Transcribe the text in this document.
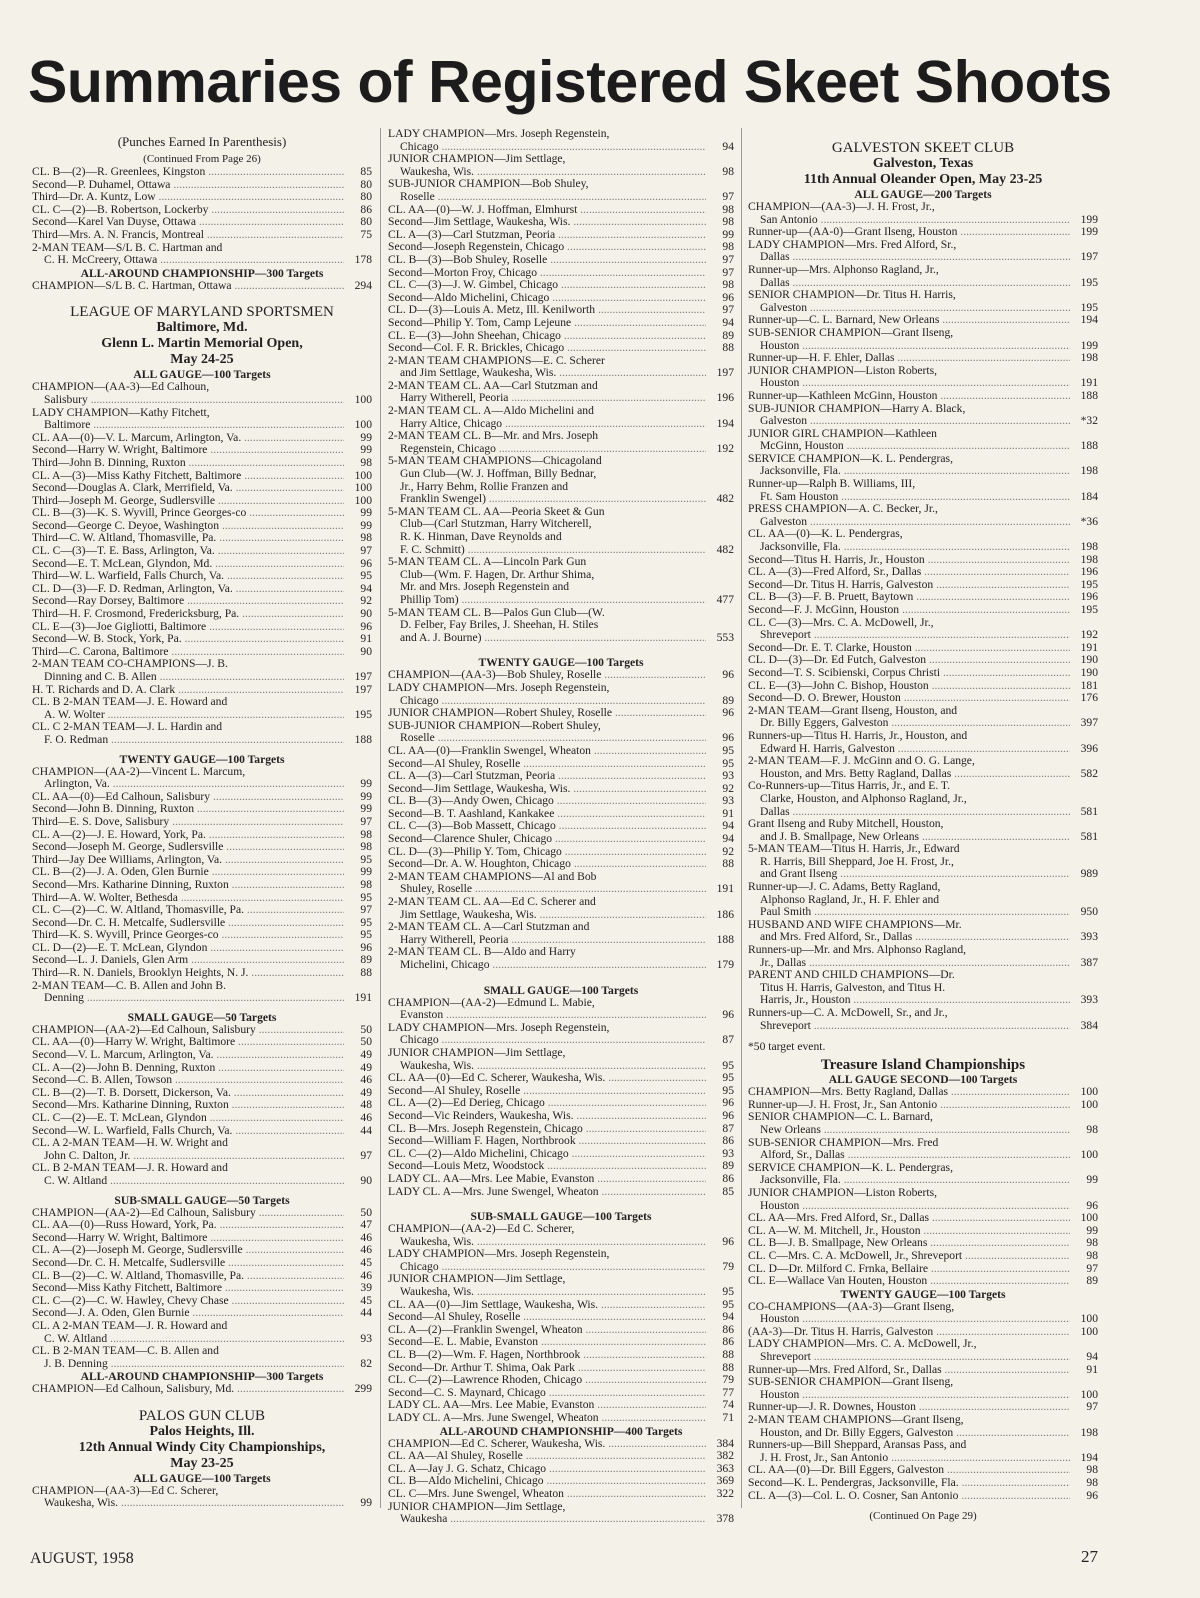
Summaries of Registered Skeet Shoots
(Punches Earned In Parenthesis)
(Continued From Page 26)
CL. B—(2)—R. Greenlees, Kingston .....	85
Second—P. Duhamel, Ottawa .....	80
Third—Dr. A. Kuntz, Low .....	80
CL. C—(2)—B. Robertson, Lockerby .....	86
Second—Karel Van Duyse, Ottawa .....	80
Third—Mrs. A. N. Francis, Montreal .....	75
2-MAN TEAM—S/L B. C. Hartman and
C. H. McCreery, Ottawa .....	178
ALL-AROUND CHAMPIONSHIP—300 Targets
CHAMPION—S/L B. C. Hartman, Ottawa .....	294
LEAGUE OF MARYLAND SPORTSMEN
Baltimore, Md.
Glenn L. Martin Memorial Open,
May 24-25
ALL GAUGE—100 Targets
CHAMPION—(AA-3)—Ed Calhoun,
Salisbury .....	100
LADY CHAMPION—Kathy Fitchett,
Baltimore .....	100
CL. AA—(0)—V. L. Marcum, Arlington, Va. .....	99
Second—Harry W. Wright, Baltimore .....	99
Third—John B. Dinning, Ruxton .....	98
CL. A—(3)—Miss Kathy Fitchett, Baltimore .....	100
Second—Douglas A. Clark, Merrifield, Va. .....	100
Third—Joseph M. George, Sudlersville .....	100
CL. B—(3)—K. S. Wyvill, Prince Georges-co .....	99
Second—George C. Deyoe, Washington .....	99
Third—C. W. Altland, Thomasville, Pa. .....	98
CL. C—(3)—T. E. Bass, Arlington, Va. .....	97
Second—E. T. McLean, Glyndon, Md. .....	96
Third—W. L. Warfield, Falls Church, Va. .....	95
CL. D—(3)—F. D. Redman, Arlington, Va. .....	94
Second—Ray Dorsey, Baltimore .....	92
Third—H. F. Crosmond, Fredericksburg, Pa. .....	90
CL. E—(3)—Joe Gigliotti, Baltimore .....	96
Second—W. B. Stock, York, Pa. .....	91
Third—C. Carona, Baltimore .....	90
2-MAN TEAM CO-CHAMPIONS—J. B.
Dinning and C. B. Allen .....	197
H. T. Richards and D. A. Clark .....	197
CL. B 2-MAN TEAM—J. E. Howard and
A. W. Wolter .....	195
CL. C 2-MAN TEAM—J. L. Hardin and
F. O. Redman .....	188
TWENTY GAUGE—100 Targets
CHAMPION—(AA-2)—Vincent L. Marcum,
Arlington, Va. .....	99
CL. AA—(0)—Ed Calhoun, Salisbury .....	99
Second—John B. Dinning, Ruxton .....	99
Third—E. S. Dove, Salisbury .....	97
CL. A—(2)—J. E. Howard, York, Pa. .....	98
Second—Joseph M. George, Sudlersville .....	98
Third—Jay Dee Williams, Arlington, Va. .....	95
CL. B—(2)—J. A. Oden, Glen Burnie .....	99
Second—Mrs. Katharine Dinning, Ruxton .....	98
Third—A. W. Wolter, Bethesda .....	95
CL. C—(2)—C. W. Altland, Thomasville, Pa. .....	97
Second—Dr. C. H. Metcalfe, Sudlersville .....	95
Third—K. S. Wyvill, Prince Georges-co .....	95
CL. D—(2)—E. T. McLean, Glyndon .....	96
Second—L. J. Daniels, Glen Arm .....	89
Third—R. N. Daniels, Brooklyn Heights, N. J. .....	88
2-MAN TEAM—C. B. Allen and John B.
Denning .....	191
SMALL GAUGE—50 Targets
CHAMPION—(AA-2)—Ed Calhoun, Salisbury .....	50
CL. AA—(0)—Harry W. Wright, Baltimore .....	50
Second—V. L. Marcum, Arlington, Va. .....	49
CL. A—(2)—John B. Denning, Ruxton .....	49
Second—C. B. Allen, Towson .....	46
CL. B—(2)—T. B. Dorsett, Dickerson, Va. .....	49
Second—Mrs. Katharine Dinning, Ruxton .....	48
CL. C—(2)—E. T. McLean, Glyndon .....	46
Second—W. L. Warfield, Falls Church, Va. .....	44
CL. A 2-MAN TEAM—H. W. Wright and
John C. Dalton, Jr. .....	97
CL. B 2-MAN TEAM—J. R. Howard and
C. W. Altland .....	90
SUB-SMALL GAUGE—50 Targets
CHAMPION—(AA-2)—Ed Calhoun, Salisbury .....	50
CL. AA—(0)—Russ Howard, York, Pa. .....	47
Second—Harry W. Wright, Baltimore .....	46
CL. A—(2)—Joseph M. George, Sudlersville .....	46
Second—Dr. C. H. Metcalfe, Sudlersville .....	45
CL. B—(2)—C. W. Altland, Thomasville, Pa. .....	46
Second—Miss Kathy Fitchett, Baltimore .....	39
CL. C—(2)—C. W. Hawley, Chevy Chase .....	45
Second—J. A. Oden, Glen Burnie .....	44
CL. A 2-MAN TEAM—J. R. Howard and
C. W. Altland .....	93
CL. B 2-MAN TEAM—C. B. Allen and
J. B. Denning .....	82
ALL-AROUND CHAMPIONSHIP—300 Targets
CHAMPION—Ed Calhoun, Salisbury, Md. .....	299
PALOS GUN CLUB
Palos Heights, Ill.
12th Annual Windy City Championships,
May 23-25
ALL GAUGE—100 Targets
CHAMPION—(AA-3)—Ed C. Scherer,
Waukesha, Wis. .....	99
LADY CHAMPION—Mrs. Joseph Regenstein,
Chicago .....	94
JUNIOR CHAMPION—Jim Settlage,
Waukesha, Wis. .....	98
SUB-JUNIOR CHAMPION—Bob Shuley,
Roselle .....	97
CL. AA—(0)—W. J. Hoffman, Elmhurst .....	98
Second—Jim Settlage, Waukesha, Wis. .....	98
CL. A—(3)—Carl Stutzman, Peoria .....	99
Second—Joseph Regenstein, Chicago .....	98
CL. B—(3)—Bob Shuley, Roselle .....	97
Second—Morton Froy, Chicago .....	97
CL. C—(3)—J. W. Gimbel, Chicago .....	98
Second—Aldo Michelini, Chicago .....	96
CL. D—(3)—Louis A. Metz, Ill. Kenilworth .....	97
Second—Philip Y. Tom, Camp Lejeune .....	94
CL. E—(3)—John Sheehan, Chicago .....	89
Second—Col. F. R. Brickles, Chicago .....	88
2-MAN TEAM CHAMPIONS—E. C. Scherer
and Jim Settlage, Waukesha, Wis. .....	197
2-MAN TEAM CL. AA—Carl Stutzman and
Harry Witherell, Peoria .....	196
2-MAN TEAM CL. A—Aldo Michelini and
Harry Altice, Chicago .....	194
2-MAN TEAM CL. B—Mr. and Mrs. Joseph
Regenstein, Chicago .....	192
5-MAN TEAM CHAMPIONS—Chicagoland
Gun Club—(W. J. Hoffman, Billy Bednar,
Jr., Harry Behm, Rollie Franzen and
Franklin Swengel) .....	482
5-MAN TEAM CL. AA—Peoria Skeet & Gun
Club—(Carl Stutzman, Harry Witcherell,
R. K. Hinman, Dave Reynolds and
F. C. Schmitt) .....	482
5-MAN TEAM CL. A—Lincoln Park Gun
Club—(Wm. F. Hagen, Dr. Arthur Shima,
Mr. and Mrs. Joseph Regenstein and
Phillip Tom) .....	477
5-MAN TEAM CL. B—Palos Gun Club—(W.
D. Felber, Fay Briles, J. Sheehan, H. Stiles
and A. J. Bourne) .....	553
TWENTY GAUGE—100 Targets
CHAMPION—(AA-3)—Bob Shuley, Roselle .....	96
LADY CHAMPION—Mrs. Joseph Regenstein,
Chicago .....	89
JUNIOR CHAMPION—Robert Shuley, Roselle .....	96
SUB-JUNIOR CHAMPION—Robert Shuley,
Roselle .....	96
CL. AA—(0)—Franklin Swengel, Wheaton .....	95
Second—Al Shuley, Roselle .....	95
CL. A—(3)—Carl Stutzman, Peoria .....	93
Second—Jim Settlage, Waukesha, Wis. .....	92
CL. B—(3)—Andy Owen, Chicago .....	93
Second—B. T. Aashland, Kankakee .....	91
CL. C—(3)—Bob Massett, Chicago .....	94
Second—Clarence Shuler, Chicago .....	94
CL. D—(3)—Philip Y. Tom, Chicago .....	92
Second—Dr. A. W. Houghton, Chicago .....	88
2-MAN TEAM CHAMPIONS—Al and Bob
Shuley, Roselle .....	191
2-MAN TEAM CL. AA—Ed C. Scherer and
Jim Settlage, Waukesha, Wis. .....	186
2-MAN TEAM CL. A—Carl Stutzman and
Harry Witherell, Peoria .....	188
2-MAN TEAM CL. B—Aldo and Harry
Michelini, Chicago .....	179
SMALL GAUGE—100 Targets
CHAMPION—(AA-2)—Edmund L. Mabie,
Evanston .....	96
LADY CHAMPION—Mrs. Joseph Regenstein,
Chicago .....	87
JUNIOR CHAMPION—Jim Settlage,
Waukesha, Wis. .....	95
CL. AA—(0)—Ed C. Scherer, Waukesha, Wis. .....	95
Second—Al Shuley, Roselle .....	95
CL. A—(2)—Ed Derieg, Chicago .....	96
Second—Vic Reinders, Waukesha, Wis. .....	96
CL. B—Mrs. Joseph Regenstein, Chicago .....	87
Second—William F. Hagen, Northbrook .....	86
CL. C—(2)—Aldo Michelini, Chicago .....	93
Second—Louis Metz, Woodstock .....	89
LADY CL. AA—Mrs. Lee Mabie, Evanston .....	86
LADY CL. A—Mrs. June Swengel, Wheaton .....	85
SUB-SMALL GAUGE—100 Targets
CHAMPION—(AA-2)—Ed C. Scherer,
Waukesha, Wis. .....	96
LADY CHAMPION—Mrs. Joseph Regenstein,
Chicago .....	79
JUNIOR CHAMPION—Jim Settlage,
Waukesha, Wis. .....	95
CL. AA—(0)—Jim Settlage, Waukesha, Wis. .....	95
Second—Al Shuley, Roselle .....	94
CL. A—(2)—Franklin Swengel, Wheaton .....	86
Second—E. L. Mabie, Evanston .....	86
CL. B—(2)—Wm. F. Hagen, Northbrook .....	88
Second—Dr. Arthur T. Shima, Oak Park .....	88
CL. C—(2)—Lawrence Rhoden, Chicago .....	79
Second—C. S. Maynard, Chicago .....	77
LADY CL. AA—Mrs. Lee Mabie, Evanston .....	74
LADY CL. A—Mrs. June Swengel, Wheaton .....	71
ALL-AROUND CHAMPIONSHIP—400 Targets
CHAMPION—Ed C. Scherer, Waukesha, Wis. .....	384
CL. AA—Al Shuley, Roselle .....	382
CL. A—Jay J. G. Schatz, Chicago .....	363
CL. B—Aldo Michelini, Chicago .....	369
CL. C—Mrs. June Swengel, Wheaton .....	322
JUNIOR CHAMPION—Jim Settlage,
Waukesha .....	378
GALVESTON SKEET CLUB
Galveston, Texas
11th Annual Oleander Open, May 23-25
ALL GAUGE—200 Targets
CHAMPION—(AA-3)—J. H. Frost, Jr.,
San Antonio .....	199
Runner-up—(AA-0)—Grant Ilseng, Houston .....	199
LADY CHAMPION—Mrs. Fred Alford, Sr.,
Dallas .....	197
Runner-up—Mrs. Alphonso Ragland, Jr.,
Dallas .....	195
SENIOR CHAMPION—Dr. Titus H. Harris,
Galveston .....	195
Runner-up—C. L. Barnard, New Orleans .....	194
SUB-SENIOR CHAMPION—Grant Ilseng,
Houston .....	199
Runner-up—H. F. Ehler, Dallas .....	198
JUNIOR CHAMPION—Liston Roberts,
Houston .....	191
Runner-up—Kathleen McGinn, Houston .....	188
SUB-JUNIOR CHAMPION—Harry A. Black,
Galveston .....	*32
JUNIOR GIRL CHAMPION—Kathleen
McGinn, Houston .....	188
SERVICE CHAMPION—K. L. Pendergras,
Jacksonville, Fla. .....	198
Runner-up—Ralph B. Williams, III,
Ft. Sam Houston .....	184
PRESS CHAMPION—A. C. Becker, Jr.,
Galveston .....	*36
CL. AA—(0)—K. L. Pendergras,
Jacksonville, Fla. .....	198
Second—Titus H. Harris, Jr., Houston .....	198
CL. A—(3)—Fred Alford, Sr., Dallas .....	196
Second—Dr. Titus H. Harris, Galveston .....	195
CL. B—(3)—F. B. Pruett, Baytown .....	196
Second—F. J. McGinn, Houston .....	195
CL. C—(3)—Mrs. C. A. McDowell, Jr.,
Shreveport .....	192
Second—Dr. E. T. Clarke, Houston .....	191
CL. D—(3)—Dr. Ed Futch, Galveston .....	190
Second—T. S. Scibienski, Corpus Christi .....	190
CL. E—(3)—John C. Bishop, Houston .....	181
Second—D. O. Brewer, Houston .....	176
2-MAN TEAM—Grant Ilseng, Houston, and
Dr. Billy Eggers, Galveston .....	397
Runners-up—Titus H. Harris, Jr., Houston, and
Edward H. Harris, Galveston .....	396
2-MAN TEAM—F. J. McGinn and O. G. Lange,
Houston, and Mrs. Betty Ragland, Dallas .....	582
Co-Runners-up—Titus Harris, Jr., and E. T.
Clarke, Houston, and Alphonso Ragland, Jr.,
Dallas .....	581
Grant Ilseng and Ruby Mitchell, Houston,
and J. B. Smallpage, New Orleans .....	581
5-MAN TEAM—Titus H. Harris, Jr., Edward
R. Harris, Bill Sheppard, Joe H. Frost, Jr.,
and Grant Ilseng .....	989
Runner-up—J. C. Adams, Betty Ragland,
Alphonso Ragland, Jr., H. F. Ehler and
Paul Smith .....	950
HUSBAND AND WIFE CHAMPIONS—Mr.
and Mrs. Fred Alford, Sr., Dallas .....	393
Runners-up—Mr. and Mrs. Alphonso Ragland,
Jr., Dallas .....	387
PARENT AND CHILD CHAMPIONS—Dr.
Titus H. Harris, Galveston, and Titus H.
Harris, Jr., Houston .....	393
Runners-up—C. A. McDowell, Sr., and Jr.,
Shreveport .....	384
*50 target event.
Treasure Island Championships
ALL GAUGE SECOND—100 Targets
CHAMPION—Mrs. Betty Ragland, Dallas .....	100
Runner-up—J. H. Frost, Jr., San Antonio .....	100
SENIOR CHAMPION—C. L. Barnard,
New Orleans .....	98
SUB-SENIOR CHAMPION—Mrs. Fred
Alford, Sr., Dallas .....	100
SERVICE CHAMPION—K. L. Pendergras,
Jacksonville, Fla. .....	99
JUNIOR CHAMPION—Liston Roberts,
Houston .....	96
CL. AA—Mrs. Fred Alford, Sr., Dallas .....	100
CL. A—W. M. Mitchell, Jr., Houston .....	99
CL. B—J. B. Smallpage, New Orleans .....	98
CL. C—Mrs. C. A. McDowell, Jr., Shreveport .....	98
CL. D—Dr. Milford C. Frnka, Bellaire .....	97
CL. E—Wallace Van Houten, Houston .....	89
TWENTY GAUGE—100 Targets
CO-CHAMPIONS—(AA-3)—Grant Ilseng,
Houston .....	100
(AA-3)—Dr. Titus H. Harris, Galveston .....	100
LADY CHAMPION—Mrs. C. A. McDowell, Jr.,
Shreveport .....	94
Runner-up—Mrs. Fred Alford, Sr., Dallas .....	91
SUB-SENIOR CHAMPION—Grant Ilseng,
Houston .....	100
Runner-up—J. R. Downes, Houston .....	97
2-MAN TEAM CHAMPIONS—Grant Ilseng,
Houston, and Dr. Billy Eggers, Galveston .....	198
Runners-up—Bill Sheppard, Aransas Pass, and
J. H. Frost, Jr., San Antonio .....	194
CL. AA—(0)—Dr. Bill Eggers, Galveston .....	98
Second—K. L. Pendergras, Jacksonville, Fla. .....	98
CL. A—(3)—Col. L. O. Cosner, San Antonio .....	96
(Continued On Page 29)
AUGUST, 1958	27
